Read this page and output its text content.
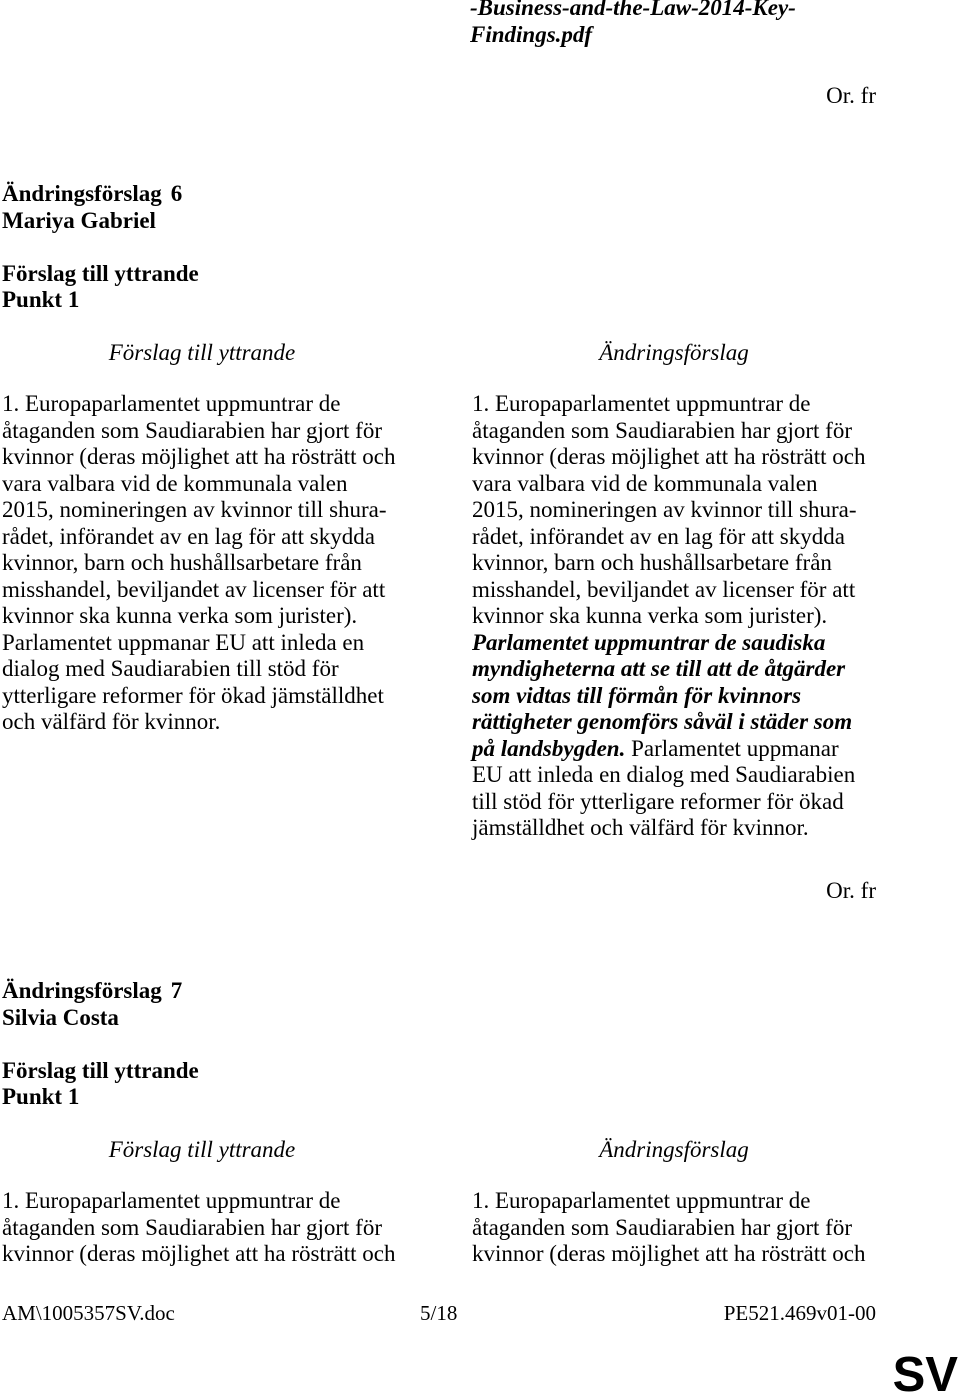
-Business-and-the-Law-2014-Key-
Findings.pdf
Or. fr
Ändringsförslag 6
Mariya Gabriel
Förslag till yttrande
Punkt 1
Förslag till yttrande
1. Europaparlamentet uppmuntrar de
åtaganden som Saudiarabien har gjort för
kvinnor (deras möjlighet att ha rösträtt och
vara valbara vid de kommunala valen
2015, nomineringen av kvinnor till shura-
rådet, införandet av en lag för att skydda
kvinnor, barn och hushållsarbetare från
misshandel, beviljandet av licenser för att
kvinnor ska kunna verka som jurister).
Parlamentet uppmanar EU att inleda en
dialog med Saudiarabien till stöd för
ytterligare reformer för ökad jämställdhet
och välfärd för kvinnor.
Ändringsförslag
1. Europaparlamentet uppmuntrar de
åtaganden som Saudiarabien har gjort för
kvinnor (deras möjlighet att ha rösträtt och
vara valbara vid de kommunala valen
2015, nomineringen av kvinnor till shura-
rådet, införandet av en lag för att skydda
kvinnor, barn och hushållsarbetare från
misshandel, beviljandet av licenser för att
kvinnor ska kunna verka som jurister).
Parlamentet uppmuntrar de saudiska
myndigheterna att se till att de åtgärder
som vidtas till förmån för kvinnors
rättigheter genomförs såväl i städer som
på landsbygden. Parlamentet uppmanar
EU att inleda en dialog med Saudiarabien
till stöd för ytterligare reformer för ökad
jämställdhet och välfärd för kvinnor.
Or. fr
Ändringsförslag 7
Silvia Costa
Förslag till yttrande
Punkt 1
Förslag till yttrande
1. Europaparlamentet uppmuntrar de
åtaganden som Saudiarabien har gjort för
kvinnor (deras möjlighet att ha rösträtt och
Ändringsförslag
1. Europaparlamentet uppmuntrar de
åtaganden som Saudiarabien har gjort för
kvinnor (deras möjlighet att ha rösträtt och
AM\1005357SV.doc	5/18	PE521.469v01-00
SV
